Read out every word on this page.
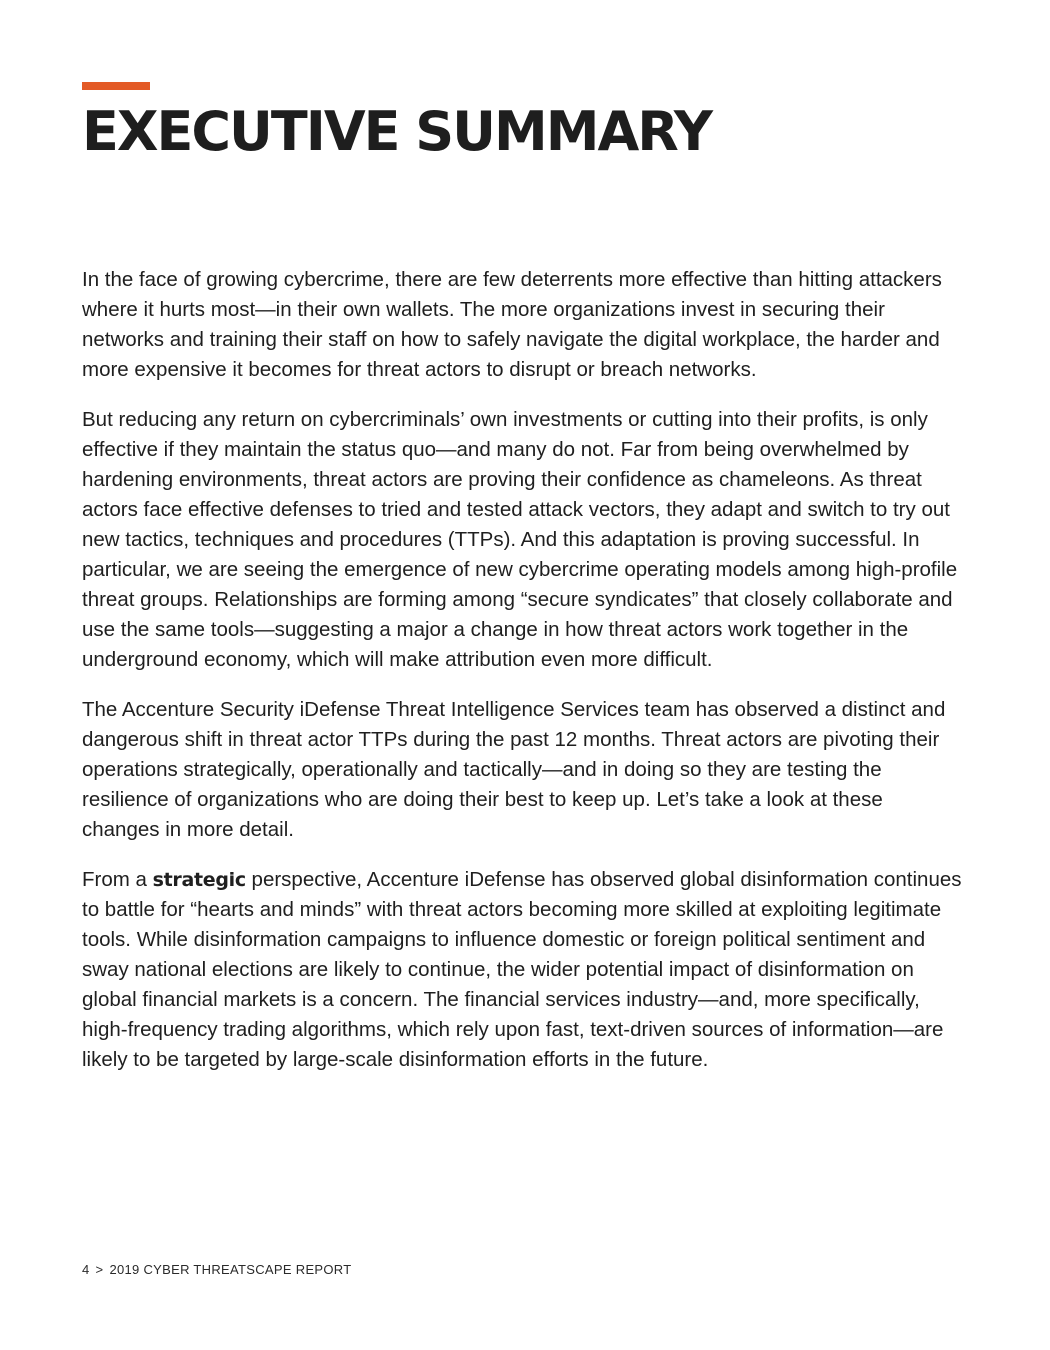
EXECUTIVE SUMMARY

In the face of growing cybercrime, there are few deterrents more effective than hitting attackers where it hurts most—in their own wallets. The more organizations invest in securing their networks and training their staff on how to safely navigate the digital workplace, the harder and more expensive it becomes for threat actors to disrupt or breach networks.

But reducing any return on cybercriminals’ own investments or cutting into their profits, is only effective if they maintain the status quo—and many do not. Far from being overwhelmed by hardening environments, threat actors are proving their confidence as chameleons. As threat actors face effective defenses to tried and tested attack vectors, they adapt and switch to try out new tactics, techniques and procedures (TTPs). And this adaptation is proving successful. In particular, we are seeing the emergence of new cybercrime operating models among high-profile threat groups. Relationships are forming among “secure syndicates” that closely collaborate and use the same tools—suggesting a major a change in how threat actors work together in the underground economy, which will make attribution even more difficult.

The Accenture Security iDefense Threat Intelligence Services team has observed a distinct and dangerous shift in threat actor TTPs during the past 12 months. Threat actors are pivoting their operations strategically, operationally and tactically—and in doing so they are testing the resilience of organizations who are doing their best to keep up. Let’s take a look at these changes in more detail.

From a strategic perspective, Accenture iDefense has observed global disinformation continues to battle for “hearts and minds” with threat actors becoming more skilled at exploiting legitimate tools. While disinformation campaigns to influence domestic or foreign political sentiment and sway national elections are likely to continue, the wider potential impact of disinformation on global financial markets is a concern. The financial services industry—and, more specifically, high-frequency trading algorithms, which rely upon fast, text-driven sources of information—are likely to be targeted by large-scale disinformation efforts in the future.

4 > 2019 CYBER THREATSCAPE REPORT
